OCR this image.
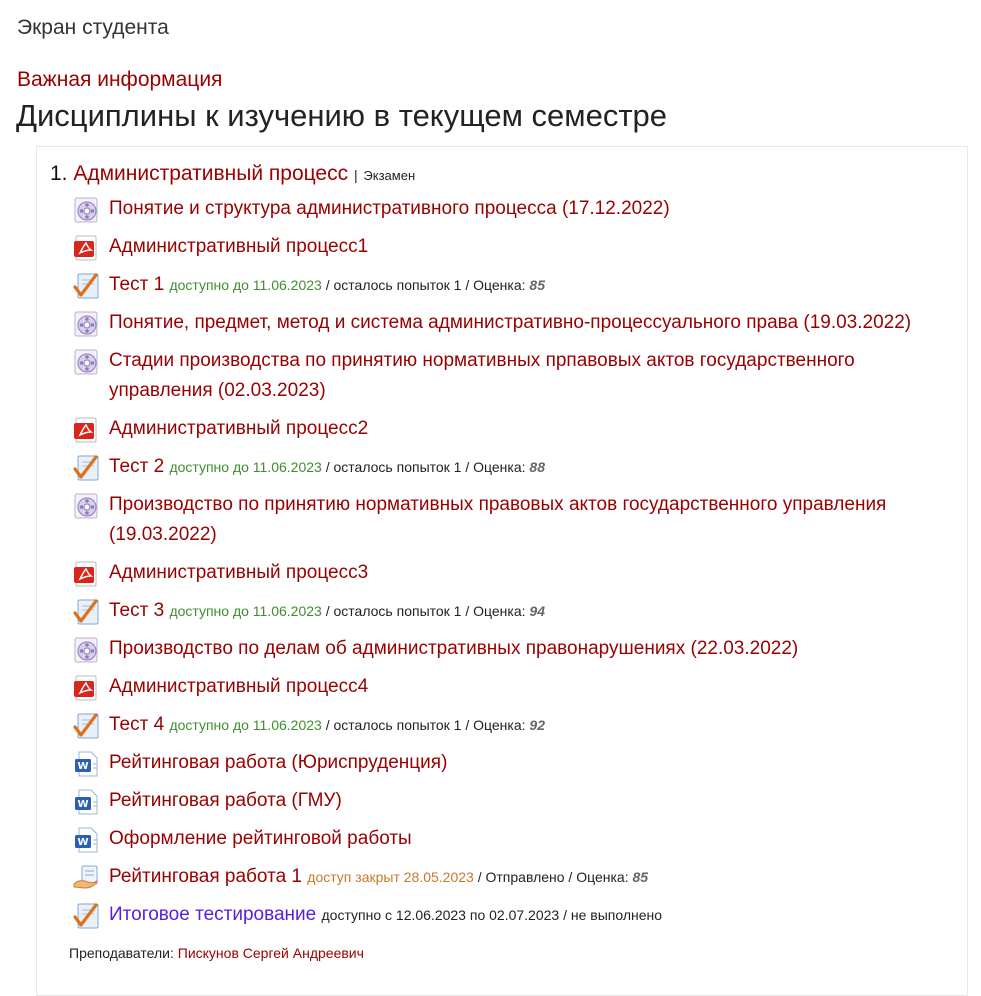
Экран студента
Важная информация
Дисциплины к изучению в текущем семестре
1. Административный процесс | Экзамен
Понятие и структура административного процесса (17.12.2022)
Административный процесс1
Тест 1 доступно до 11.06.2023 / осталось попыток 1 / Оценка: 85
Понятие, предмет, метод и система административно-процессуального права (19.03.2022)
Стадии производства по принятию нормативных прпавовых актов государственного управления (02.03.2023)
Административный процесс2
Тест 2 доступно до 11.06.2023 / осталось попыток 1 / Оценка: 88
Производство по принятию нормативных правовых актов государственного управления (19.03.2022)
Административный процесс3
Тест 3 доступно до 11.06.2023 / осталось попыток 1 / Оценка: 94
Производство по делам об административных правонарушениях (22.03.2022)
Административный процесс4
Тест 4 доступно до 11.06.2023 / осталось попыток 1 / Оценка: 92
W Рейтинговая работа (Юриспруденция)
W Рейтинговая работа (ГМУ)
W Оформление рейтинговой работы
Рейтинговая работа 1 доступ закрыт 28.05.2023 / Отправлено / Оценка: 85
Итоговое тестирование доступно с 12.06.2023 по 02.07.2023 / не выполнено
Преподаватели: Пискунов Сергей Андреевич
